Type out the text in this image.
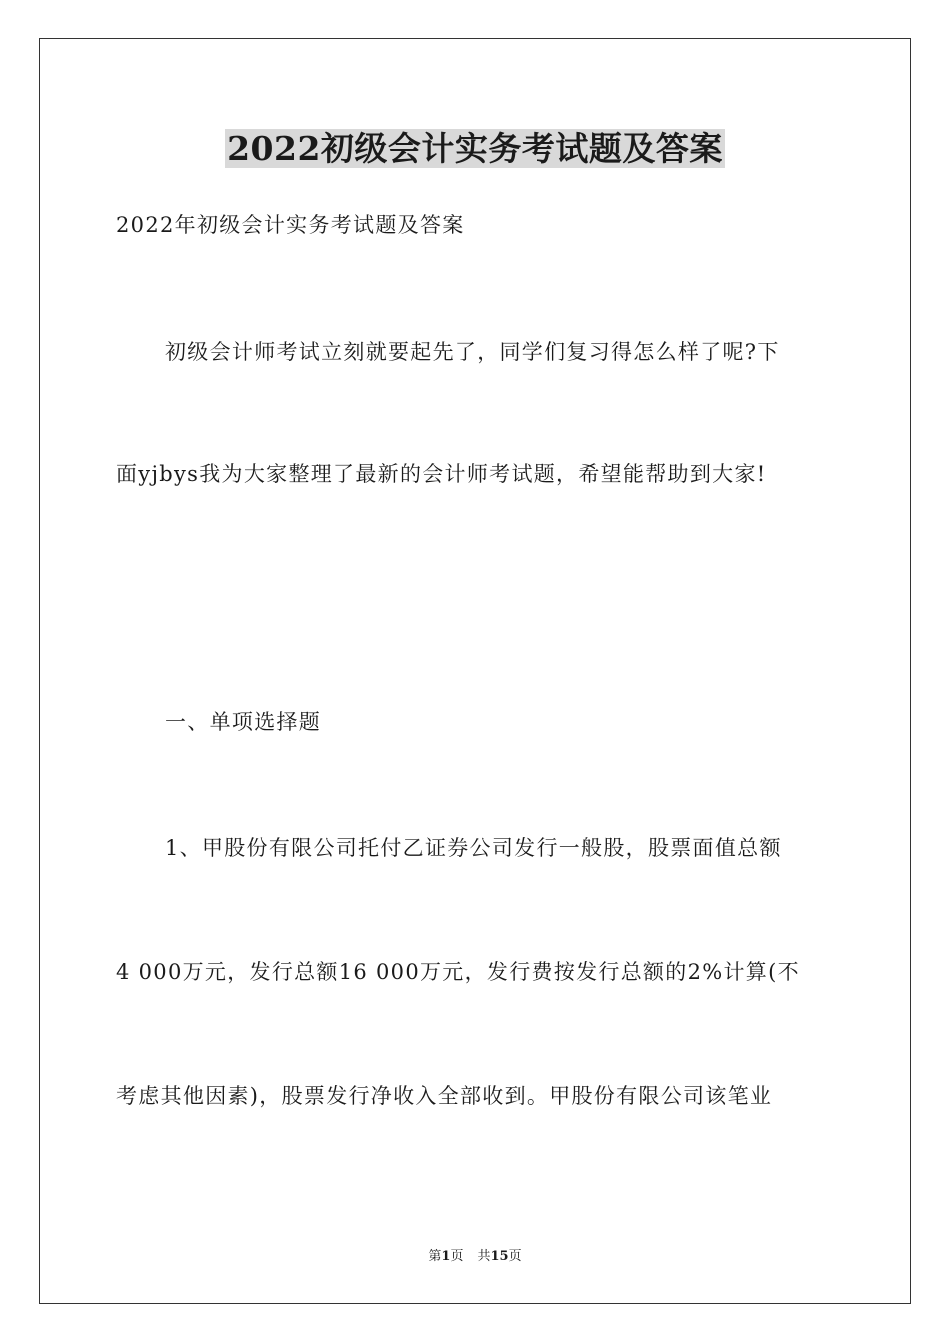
2022初级会计实务考试题及答案

2022年初级会计实务考试题及答案

初级会计师考试立刻就要起先了，同学们复习得怎么样了呢?下

面yjbys我为大家整理了最新的会计师考试题，希望能帮助到大家!

一、单项选择题

1、甲股份有限公司托付乙证券公司发行一般股，股票面值总额

4 000万元，发行总额16 000万元，发行费按发行总额的2%计算(不

考虑其他因素)，股票发行净收入全部收到。甲股份有限公司该笔业

第1页 共15页
